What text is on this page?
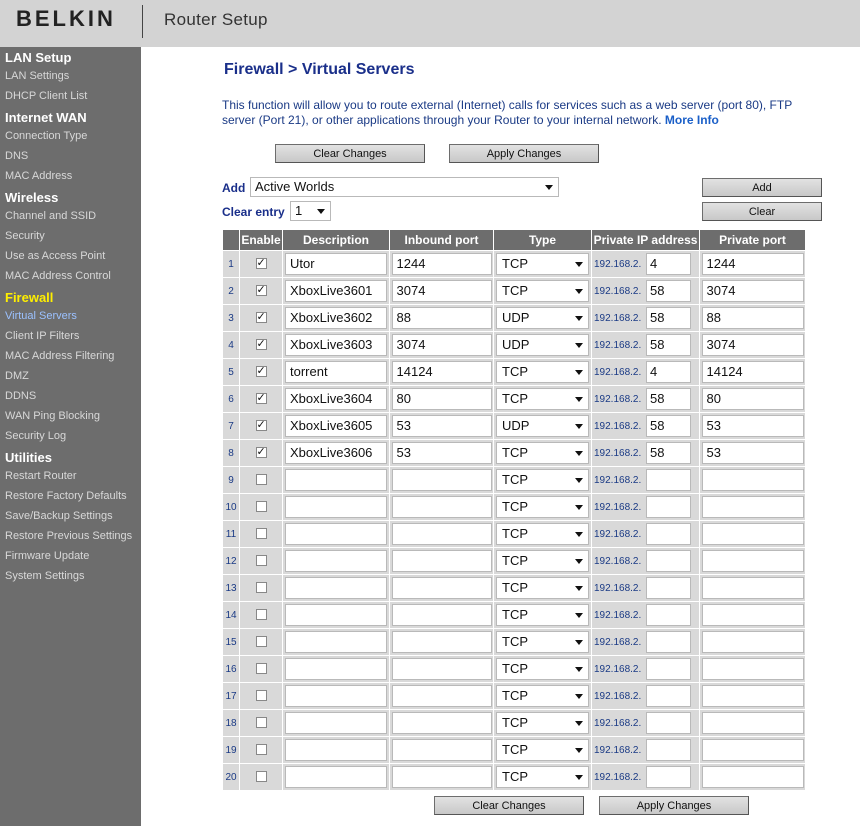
BELKIN	Router Setup
LAN Setup
LAN Settings
DHCP Client List
Internet WAN
Connection Type
DNS
MAC Address
Wireless
Channel and SSID
Security
Use as Access Point
MAC Address Control
Firewall
Virtual Servers
Client IP Filters
MAC Address Filtering
DMZ
DDNS
WAN Ping Blocking
Security Log
Utilities
Restart Router
Restore Factory Defaults
Save/Backup Settings
Restore Previous Settings
Firmware Update
System Settings
Firewall > Virtual Servers
This function will allow you to route external (Internet) calls for services such as a web server (port 80), FTP server (Port 21), or other applications through your Router to your internal network. More Info
Clear Changes	Apply Changes
Add Active Worlds	Add
Clear entry 1	Clear
	Enable	Description	Inbound port	Type	Private IP address	Private port
1	✓	Utor	1244	TCP	192.168.2. 4	1244

2	✓	XboxLive3601	3074	TCP	192.168.2. 58	3074

3	✓	XboxLive3602	88	UDP	192.168.2. 58	88

4	✓	XboxLive3603	3074	UDP	192.168.2. 58	3074

5	✓	torrent	14124	TCP	192.168.2. 4	14124

6	✓	XboxLive3604	80	TCP	192.168.2. 58	80

7	✓	XboxLive3605	53	UDP	192.168.2. 58	53

8	✓	XboxLive3606	53	TCP	192.168.2. 58	53

9				TCP	192.168.2.	

10				TCP	192.168.2.	

11				TCP	192.168.2.	

12				TCP	192.168.2.	

13				TCP	192.168.2.	

14				TCP	192.168.2.	

15				TCP	192.168.2.	

16				TCP	192.168.2.	

17				TCP	192.168.2.	

18				TCP	192.168.2.	

19				TCP	192.168.2.	

20				TCP	192.168.2.	

Clear Changes	Apply Changes
